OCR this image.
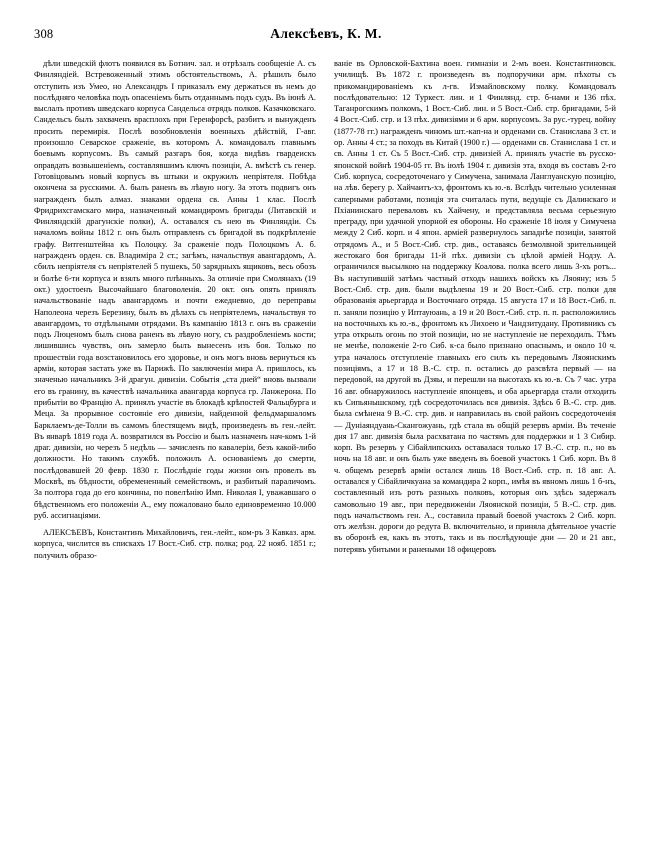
308	Алексѣевъ, К. М.

дѣли шведскій флотъ появился въ Ботнич. зал. и отрѣзалъ сообщеніе А. съ Финляндіей. Встревоженный этимъ обстоятельствомъ, А. рѣшилъ было отступить изъ Умео, но Александръ I приказалъ ему держаться въ немъ до послѣдняго человѣка подъ опасеніемъ быть отданнымъ подъ судъ. Въ іюнѣ А. выслалъ противъ шведскаго корпуса Сандельса отрядъ полков. Казачковскаго. Сандельсъ былъ захваченъ врасплохъ при Геренфорсѣ, разбитъ и вынужденъ просить перемирія. Послѣ возобновленія военныхъ дѣйствій, Г-авг. произошло Севарское сраженіе, въ которомъ А. командовалъ главнымъ боевымъ корпусомъ. Въ самый разгаръ боя, когда видѣвъ гвардеискъ оправдать возвышеніемъ, составлявшимъ ключъ позиціи, А. вмѣстѣ съ генер. Готовіцовымъ новый корпусъ въ штыки и окружилъ непріятеля. Побѣда окончена за русскими. А. былъ раненъ въ лѣвую ногу. За этотъ подвигъ онъ награжденъ былъ алмаз. знаками ордена св. Анны 1 клас. Послѣ Фридрихсгамскаго мира, назначенный командиромъ бригады (Литавскій и Финляндскій драгунскіе полки), А. оставался съ нею въ Финляндіи. Съ началомъ войны 1812 г. онъ былъ отправленъ съ бригадой въ подкрѣпленіе графу. Витгенштейна къ Полоцку. За сраженіе подъ Полоцкомъ А. б. награжденъ орден. св. Владиміра 2 ст.; загѣмъ, начальствуя авангардомъ, А. сбилъ непріятеля съ непріятелей 5 пушекъ, 50 зарядныхъ ящиковъ, весь обозъ и болѣе 6-ти корпуса и взялъ много плѣнныхъ. За отличіе при Смолянахъ (19 окт.) удостоенъ Высочайшаго благоволенія. 20 окт. онъ опять принялъ начальствованіе надъ авангардомъ и почти ежедневно, до переправы Наполеона черезъ Березину, былъ въ дѣлахъ съ непріятелемъ, начальствуя то авангардомъ, то отдѣльными отрядами. Въ кампанію 1813 г. онъ въ сраженіи подъ Люценомъ былъ снова раненъ въ лѣвую ногу, съ раздробленіемъ кости; лишившись чувствъ, онъ замерло былъ вынесенъ изъ боя. Только по прошествіи года возстановилось его здоровье, и онъ могъ вновь вернуться къ арміи, которая застать уже въ Парижѣ. По заключеніи мира А. пришлось, къ значенью начальникъ 3-й драгун. дивизіи. Событія „ста дней“ вновь вызвали его въ гранину, въ качествѣ начальника авангарда корпуса гр. Ланжерона. По прибытіи во Францію А. принялъ участіе въ блокадѣ крѣпостей Фальцбурга и Меца. За прорывное состояніе его дивизіи, найденной фельдмаршаломъ Барклаемъ-де-Толли въ самомъ блестящемъ видѣ, произведенъ въ ген.-лейт. Въ январѣ 1819 года А. возвратился въ Россію и былъ назначенъ нач-комъ 1-й драг. дивизіи, но черезъ 5 недѣль — зачисленъ по кавалеріи, безъ какой-либо должности. Но такимъ службѣ. положилъ А. основаніемъ до смерти, послѣдовавшей 20 февр. 1830 г. Послѣдніе годы жизни онъ провелъ въ Москвѣ, въ бѣдности, обремененный семействомъ, и разбитый параличомъ. За полтора года до его кончины, по повелѣнію Имп. Николая I, уважавшаго о бѣдственномъ его положеніи А., ему пожаловано было единовременно 10.000 руб. ассигнаціями.

АЛЕКСѢЕВЪ, Константинъ Михайловичъ, ген.-лейт., ком-ръ 3 Кавказ. арм. корпуса, числится въ спискахъ 17 Вост.-Сиб. стр. полка; род. 22 нояб. 1851 г.; получилъ образо-

ваніе въ Орловской-Бахтина воен. гимназіи и 2-мъ воен. Константиновск. училищѣ. Въ 1872 г. произведенъ въ подпоручики арм. пѣхоты съ прикомандированіемъ къ л-гв. Измайловскому полку. Командовалъ послѣдовательно: 12 Туркест. лин. и 1 Финлянд. стр. б-нами и 136 пѣх. Таганрогскимъ полкомъ, 1 Вост.-Сиб. лин. и 5 Вост.-Сиб. стр. бригадами, 5-й 4 Вост.-Сиб. стр. и 13 пѣх. дивизіями и 6 арм. корпусомъ. За рус.-турец. войну (1877-78 гг.) награжденъ чиномъ шт.-кап-на и орденами св. Станислава 3 ст. и ор. Анны 4 ст.; за походъ въ Китай (1900 г.) — орденами св. Станислава 1 ст. и св. Анны 1 ст. Съ 5 Вост.-Сиб. стр. дивизіей А. принялъ участіе въ русско-японской войнѣ 1904-05 гг. Въ іюлѣ 1904 г. дивизія эта, входя въ составъ 2-го Сиб. корпуса, сосредоточенаго у Симучена, занимала Ланглуанскую позицію, на лѣв. берегу р. Хайчаитъ-хэ, фронтомъ къ ю.-в. Вслѣдъ чительно усиленная саперными работами, позиція эта считалась пути, ведущіе съ Далинскаго и Пхіанинскаго переваловъ къ Хайчену, и представляла весьма серьезную преграду, при удачной упорной ея обороны. Но сраженіе 18 іюля у Симучена между 2 Сиб. корп. и 4 япон. арміей развернулось западнѣе позиціи, занятой отрядомъ А., и 5 Вост.-Сиб. стр. див., оставаясь безмолвной зрительницей жестокаго боя бригады 11-й пѣх. дивизіи съ цѣлой арміей Нодзу. А. ограничился высылкою на поддержку Коалова. полка всего лишь 3-хъ ротъ... Въ наступившій затѣмъ частный отходъ нашихъ войскъ къ Ляояну; изъ 5 Вост.-Сиб. стр. див. были выдѣлены 19 и 20 Вост.-Сиб. стр. полки для образованія арьергарда и Восточнаго отряда. 15 августа 17 и 18 Вост.-Сиб. п. п. заняли позицію у Иптауюань, а 19 и 20 Вост.-Сиб. стр. п. п. расположились на восточныхъ къ ю.-в., фронтомъ къ Лихоею и Чандзитудану. Противникъ съ утра открылъ огонь по этой позиціи, но не наступленіе не переходилъ. Тѣмъ не менѣе, положеніе 2-го Сиб. к-са было признано опаснымъ, и около 10 ч. утра началось отступленіе главныхъ его силъ къ передовымъ Ляоянскимъ позиціямъ, а 17 и 18 В.-С. стр. п. остались до разсвѣта первый — на передовой, на другой въ Дзяы, и перешли на высотахъ къ ю.-в. Съ 7 час. утра 16 авг. обнаружилось наступленіе японцевъ, и оба арьергарда стали отходить къ Сипьянышскому, гдѣ сосредоточилась вся дивизія. Здѣсь б В.-С. стр. див. была смѣнена 9 В.-С. стр. див. и направилась въ свой районъ сосредоточенія — Дуніаяндуань-Скангожуань, гдѣ стала въ общій резервъ арміи. Въ теченіе дня 17 авг. дивизія была расхватана по частямъ для поддержки и 1 3 Сибир. корп. Въ резервъ у Сібайлипскихъ оставалася только 17 В.-С. стр. п., но въ ночь на 18 авг. и онъ былъ уже введенъ въ боевой участокъ 1 Сиб. корп. Въ 8 ч. общемъ резервѣ арміи остался лишь 18 Вост.-Сиб. стр. п. 18 авг. А. оставался у Сібайличкуана за командира 2 корп., имѣя въ явномъ лишь 1 б-нъ, составленный изъ ротъ разныхъ полковъ, которыя онъ здѣсь задержалъ самовольно 19 авг., при передвиженіи Ляоянской позиціи, 5 В.-С. стр. див. подъ началъствомъ ген. А., составила правый боевой участокъ 2 Сиб. корп. отъ желѣзн. дороги до редута В. включительно, и приняла дѣятельное участіе въ оборонѣ ея, какъ въ этотъ, такъ и въ послѣдующіе дни — 20 и 21 авг., потерявъ убитыми и ранеными 18 офицеровъ
